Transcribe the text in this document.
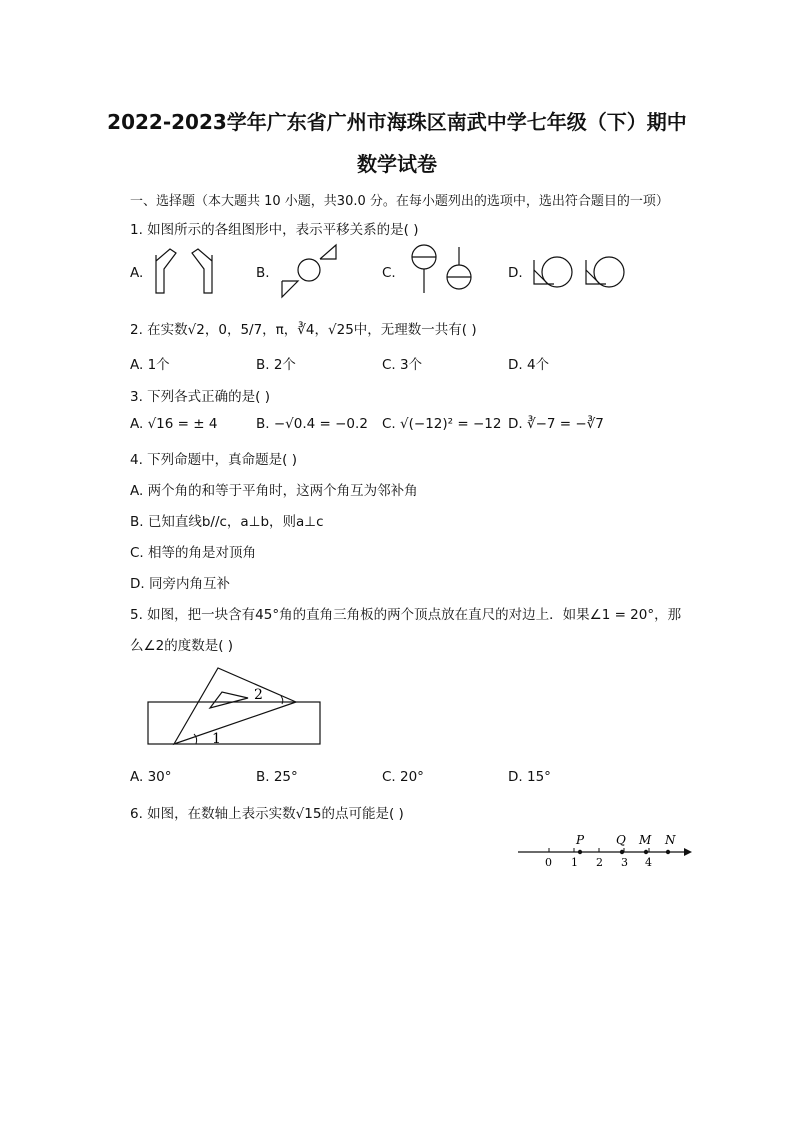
2022-2023学年广东省广州市海珠区南武中学七年级（下）期中
数学试卷
一、选择题（本大题共 10 小题，共30.0 分。在每小题列出的选项中，选出符合题目的一项）
1. 如图所示的各组图形中，表示平移关系的是( )
A.	B.	C.	D.
2. 在实数√2，0，5/7，π，∛4，√25中，无理数一共有( )
A. 1个	B. 2个	C. 3个	D. 4个
3. 下列各式正确的是( )
A. √16 = ± 4	B. −√0.4 = −0.2 C. √(−12)² = −12 D. ∛−7 = −∛7
4. 下列命题中，真命题是( )
A. 两个角的和等于平角时，这两个角互为邻补角
B. 已知直线b//c，a⊥b，则a⊥c
C. 相等的角是对顶角
D. 同旁内角互补
5. 如图，把一块含有45°角的直角三角板的两个顶点放在直尺的对边上．如果∠1 = 20°，那
么∠2的度数是( )
2
1
A. 30°	B. 25°	C. 20°	D. 15°
6. 如图，在数轴上表示实数√15的点可能是( )
P	Q M N
0 1 2 3 4
